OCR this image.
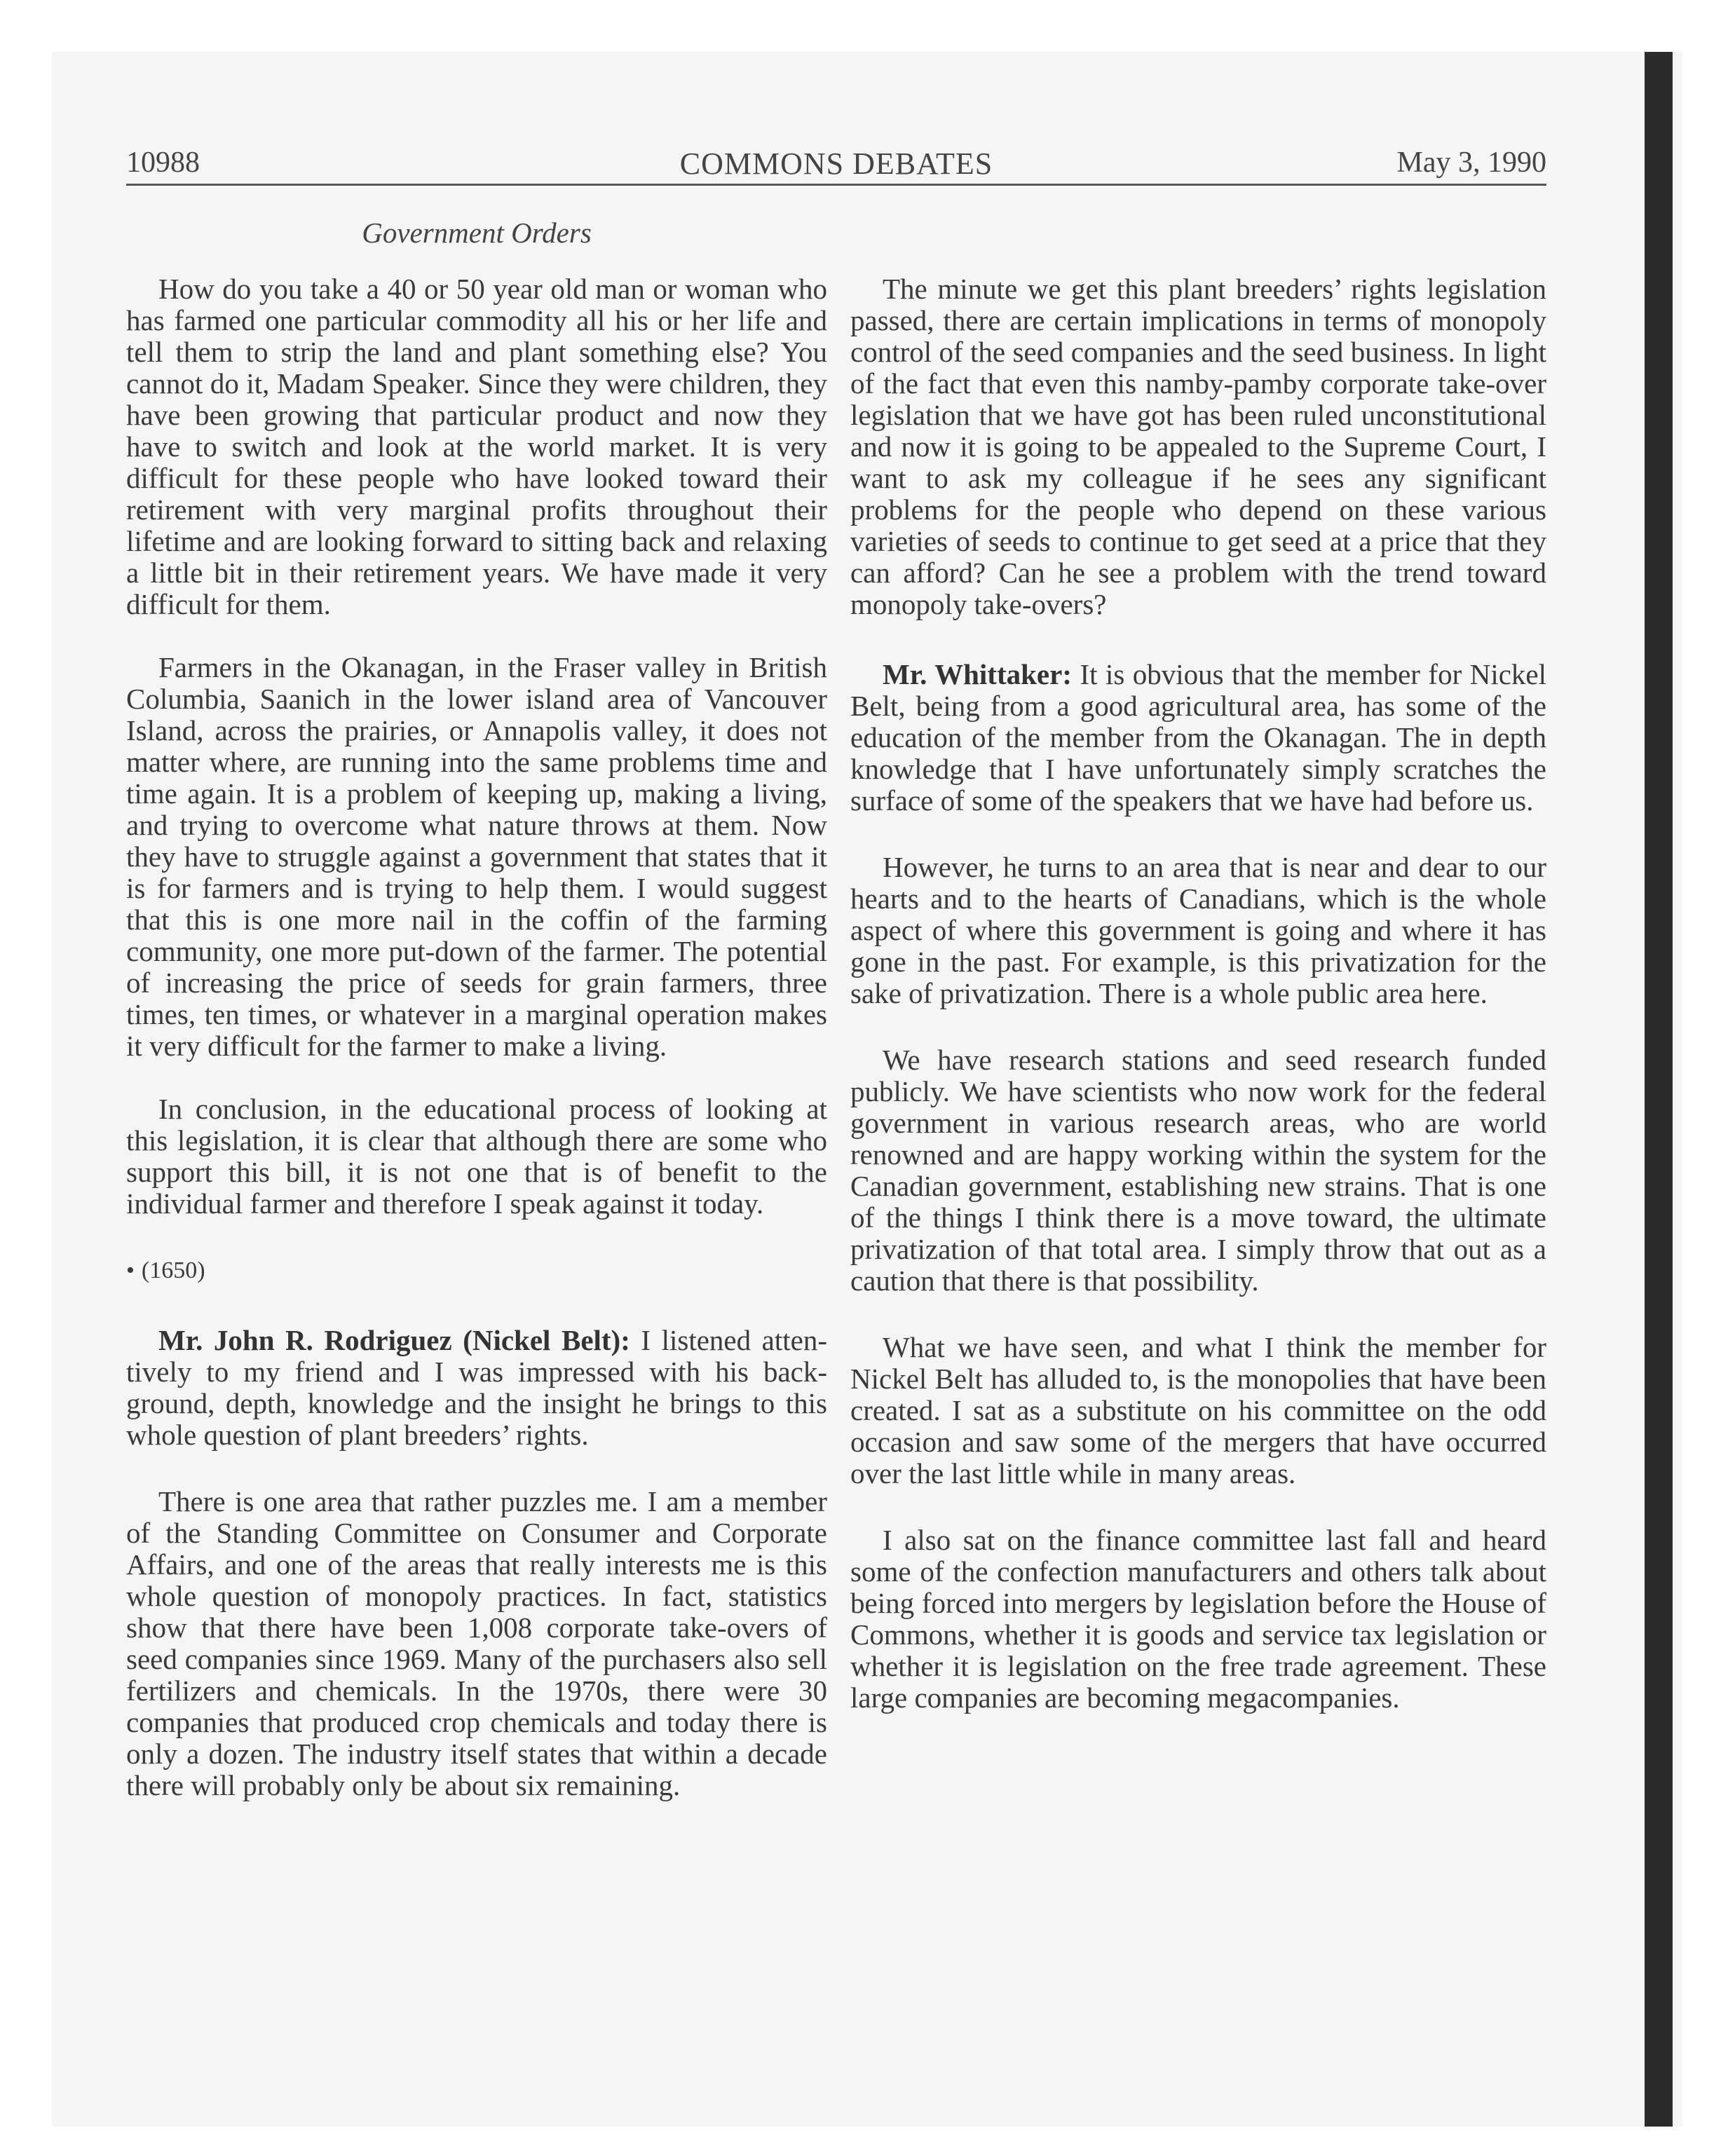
10988	COMMONS DEBATES	May 3, 1990
Government Orders

How do you take a 40 or 50 year old man or woman who has farmed one particular commodity all his or her life and tell them to strip the land and plant something else? You cannot do it, Madam Speaker. Since they were children, they have been growing that particular product and now they have to switch and look at the world market. It is very difficult for these people who have looked toward their retirement with very marginal profits throughout their lifetime and are looking forward to sitting back and relaxing a little bit in their retirement years. We have made it very difficult for them.

Farmers in the Okanagan, in the Fraser valley in British Columbia, Saanich in the lower island area of Vancouver Island, across the prairies, or Annapolis valley, it does not matter where, are running into the same problems time and time again. It is a problem of keeping up, making a living, and trying to overcome what nature throws at them. Now they have to struggle against a government that states that it is for farmers and is trying to help them. I would suggest that this is one more nail in the coffin of the farming community, one more put-down of the farmer. The potential of increasing the price of seeds for grain farmers, three times, ten times, or whatever in a marginal operation makes it very difficult for the farmer to make a living.

In conclusion, in the educational process of looking at this legislation, it is clear that although there are some who support this bill, it is not one that is of benefit to the individual farmer and therefore I speak against it today.

• (1650)

Mr. John R. Rodriguez (Nickel Belt): I listened attentively to my friend and I was impressed with his background, depth, knowledge and the insight he brings to this whole question of plant breeders’ rights.

There is one area that rather puzzles me. I am a member of the Standing Committee on Consumer and Corporate Affairs, and one of the areas that really interests me is this whole question of monopoly practices. In fact, statistics show that there have been 1,008 corporate take-overs of seed companies since 1969. Many of the purchasers also sell fertilizers and chemicals. In the 1970s, there were 30 companies that produced crop chemicals and today there is only a dozen. The industry itself states that within a decade there will probably only be about six remaining.

The minute we get this plant breeders’ rights legislation passed, there are certain implications in terms of monopoly control of the seed companies and the seed business. In light of the fact that even this namby-pamby corporate take-over legislation that we have got has been ruled unconstitutional and now it is going to be appealed to the Supreme Court, I want to ask my colleague if he sees any significant problems for the people who depend on these various varieties of seeds to continue to get seed at a price that they can afford? Can he see a problem with the trend toward monopoly take-overs?

Mr. Whittaker: It is obvious that the member for Nickel Belt, being from a good agricultural area, has some of the education of the member from the Okanagan. The in depth knowledge that I have unfortunately simply scratches the surface of some of the speakers that we have had before us.

However, he turns to an area that is near and dear to our hearts and to the hearts of Canadians, which is the whole aspect of where this government is going and where it has gone in the past. For example, is this privatization for the sake of privatization. There is a whole public area here.

We have research stations and seed research funded publicly. We have scientists who now work for the federal government in various research areas, who are world renowned and are happy working within the system for the Canadian government, establishing new strains. That is one of the things I think there is a move toward, the ultimate privatization of that total area. I simply throw that out as a caution that there is that possibility.

What we have seen, and what I think the member for Nickel Belt has alluded to, is the monopolies that have been created. I sat as a substitute on his committee on the odd occasion and saw some of the mergers that have occurred over the last little while in many areas.

I also sat on the finance committee last fall and heard some of the confection manufacturers and others talk about being forced into mergers by legislation before the House of Commons, whether it is goods and service tax legislation or whether it is legislation on the free trade agreement. These large companies are becoming megacompanies.
